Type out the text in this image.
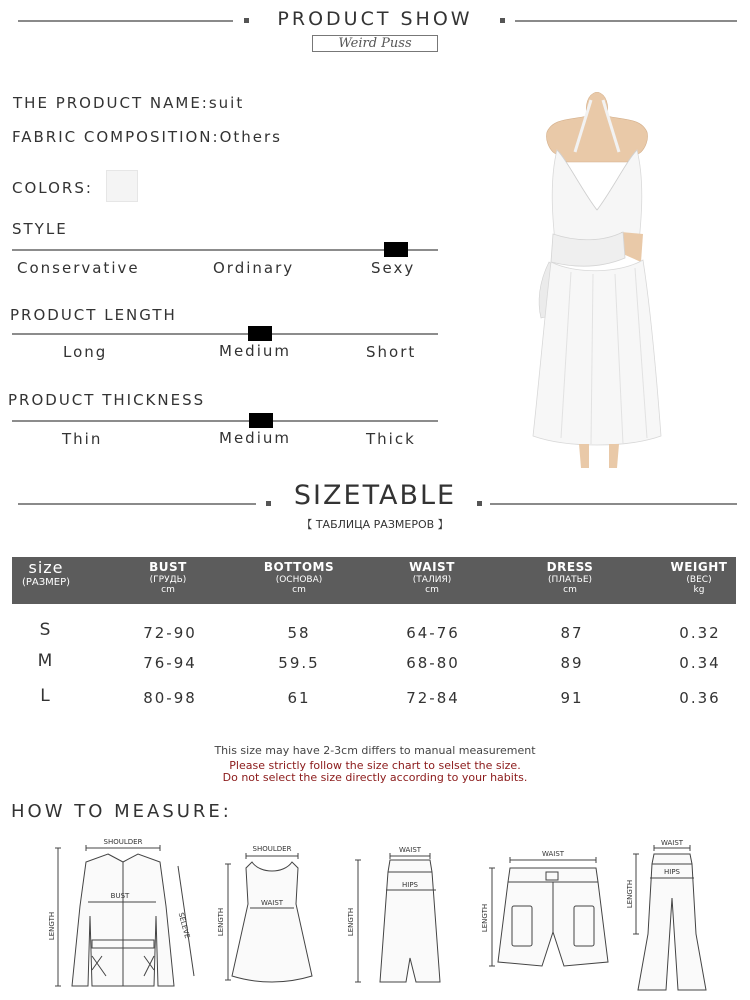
PRODUCT SHOW
Weird Puss
THE PRODUCT NAME:suit
FABRIC COMPOSITION:Others
COLORS:
STYLE
Conservative	Ordinary	Sexy
PRODUCT LENGTH
Long	Medium	Short
PRODUCT THICKNESS
Thin	Medium	Thick
SIZETABLE
【 ТАБЛИЦА РАЗМЕРОВ 】
size
(РАЗМЕР)
BUST
(ГРУДЬ)
cm
BOTTOMS
(ОСНОВА)
cm
WAIST
(ТАЛИЯ)
cm
DRESS
(ПЛАТЬЕ)
cm
WEIGHT
(ВЕС)
kg
S	72-90	58	64-76	87	0.32
M	76-94	59.5	68-80	89	0.34
L	80-98	61	72-84	91	0.36
This size may have 2-3cm differs to manual measurement
Please strictly follow the size chart to selset the size.
Do not select the size directly according to your habits.
HOW TO MEASURE:
SHOULDER
BUST
LENGTH	SELEVE
SHOULDER
WAIST
LENGTH
WAIST
HIPS
LENGTH
WAIST
LENGTH
WAIST
HIPS
LENGTH
